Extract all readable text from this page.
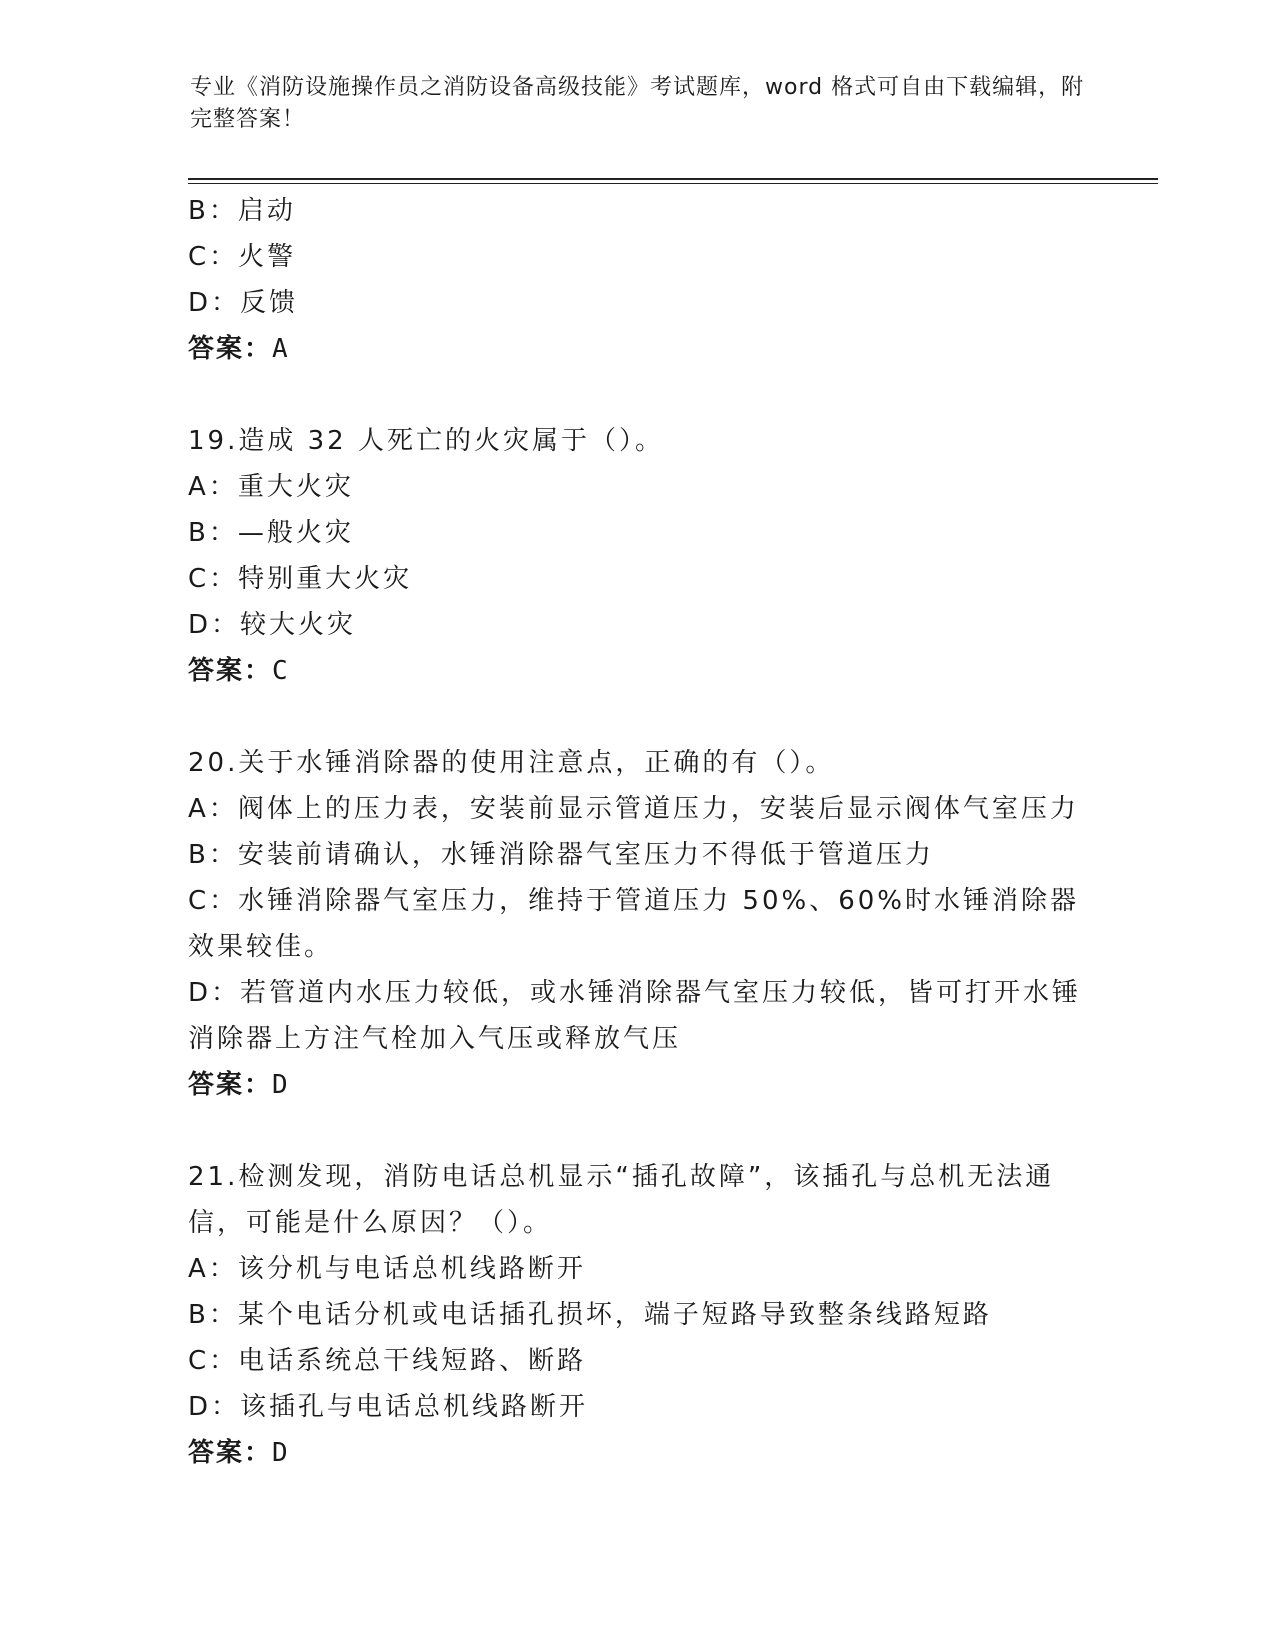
专业《消防设施操作员之消防设备高级技能》考试题库，word 格式可自由下载编辑，附完整答案！
B：启动
C：火警
D：反馈
答案：A
19.造成 32 人死亡的火灾属于（）。
A：重大火灾
B：—般火灾
C：特别重大火灾
D：较大火灾
答案：C
20.关于水锤消除器的使用注意点，正确的有（）。
A：阀体上的压力表，安装前显示管道压力，安装后显示阀体气室压力
B：安装前请确认，水锤消除器气室压力不得低于管道压力
C：水锤消除器气室压力，维持于管道压力 50%、60%时水锤消除器效果较佳。
D：若管道内水压力较低，或水锤消除器气室压力较低，皆可打开水锤消除器上方注气栓加入气压或释放气压
答案：D
21.检测发现，消防电话总机显示“插孔故障”，该插孔与总机无法通信，可能是什么原因？（）。
A：该分机与电话总机线路断开
B：某个电话分机或电话插孔损坏，端子短路导致整条线路短路
C：电话系统总干线短路、断路
D：该插孔与电话总机线路断开
答案：D
